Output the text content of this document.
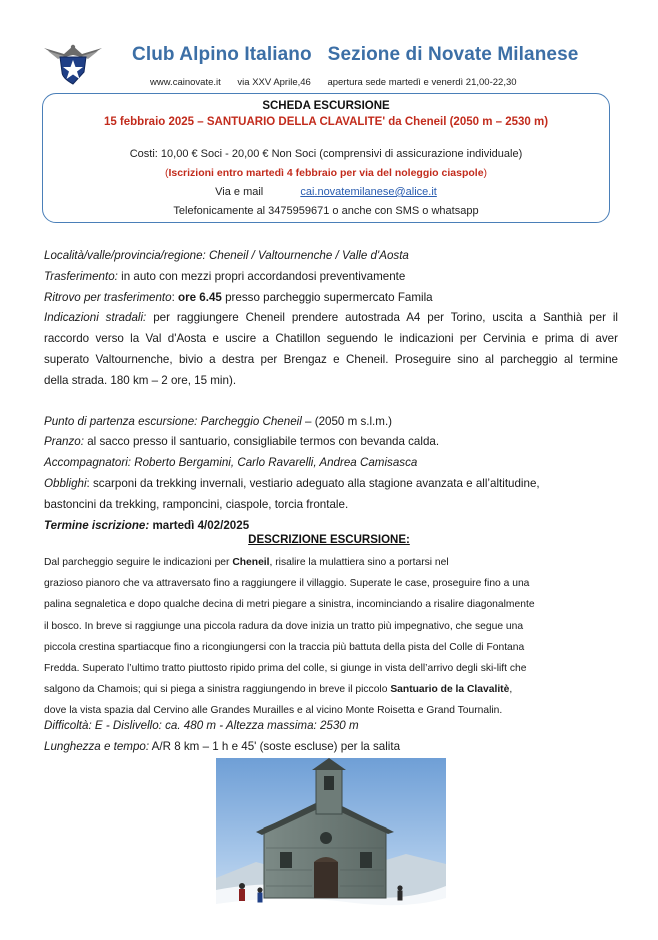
Club Alpino Italiano Sezione di Novate Milanese
www.cainovate.it via XXV Aprile,46 apertura sede martedì e venerdì 21,00-22,30
SCHEDA ESCURSIONE
15 febbraio 2025 – SANTUARIO DELLA CLAVALITE' da Cheneil (2050 m – 2530 m)
Costi: 10,00 € Soci - 20,00 € Non Soci (comprensivi di assicurazione individuale)
(Iscrizioni entro martedì 4 febbraio per via del noleggio ciaspole)
Via e mail	cai.novatemilanese@alice.it
Telefonicamente al 3475959671 o anche con SMS o whatsapp

Località/valle/provincia/regione: Cheneil / Valtournenche / Valle d'Aosta

Trasferimento: in auto con mezzi propri accordandosi preventivamente

Ritrovo per trasferimento: ore 6.45 presso parcheggio supermercato Famila

Indicazioni stradali: per raggiungere Cheneil prendere autostrada A4 per Torino, uscita a Santhià per il

raccordo verso la Val d'Aosta e uscire a Chatillon seguendo le indicazioni per Cervinia e prima di aver

superato Valtournenche, bivio a destra per Brengaz e Cheneil. Proseguire sino al parcheggio al termine

della strada. 180 km – 2 ore, 15 min).

Punto di partenza escursione: Parcheggio Cheneil – (2050 m s.l.m.)

Pranzo: al sacco presso il santuario, consigliabile termos con bevanda calda.

Accompagnatori: Roberto Bergamini, Carlo Ravarelli, Andrea Camisasca

Obblighi: scarponi da trekking invernali, vestiario adeguato alla stagione avanzata e all’altitudine,

bastoncini da trekking, ramponcini, ciaspole, torcia frontale.

Termine iscrizione: martedì 4/02/2025

DESCRIZIONE ESCURSIONE:

Dal parcheggio seguire le indicazioni per Cheneil, risalire la mulattiera sino a portarsi nel

grazioso pianoro che va attraversato fino a raggiungere il villaggio. Superate le case, proseguire fino a una

palina segnaletica e dopo qualche decina di metri piegare a sinistra, incominciando a risalire diagonalmente

il bosco. In breve si raggiunge una piccola radura da dove inizia un tratto più impegnativo, che segue una

piccola crestina spartiacque fino a ricongiungersi con la traccia più battuta della pista del Colle di Fontana

Fredda. Superato l’ultimo tratto piuttosto ripido prima del colle, si giunge in vista dell’arrivo degli ski-lift che

salgono da Chamois; qui si piega a sinistra raggiungendo in breve il piccolo Santuario de la Clavalitè,

dove la vista spazia dal Cervino alle Grandes Murailles e al vicino Monte Roisetta e Grand Tournalin.

Difficoltà: E - Dislivello: ca. 480 m - Altezza massima: 2530 m

Lunghezza e tempo: A/R 8 km – 1 h e 45' (soste escluse) per la salita
